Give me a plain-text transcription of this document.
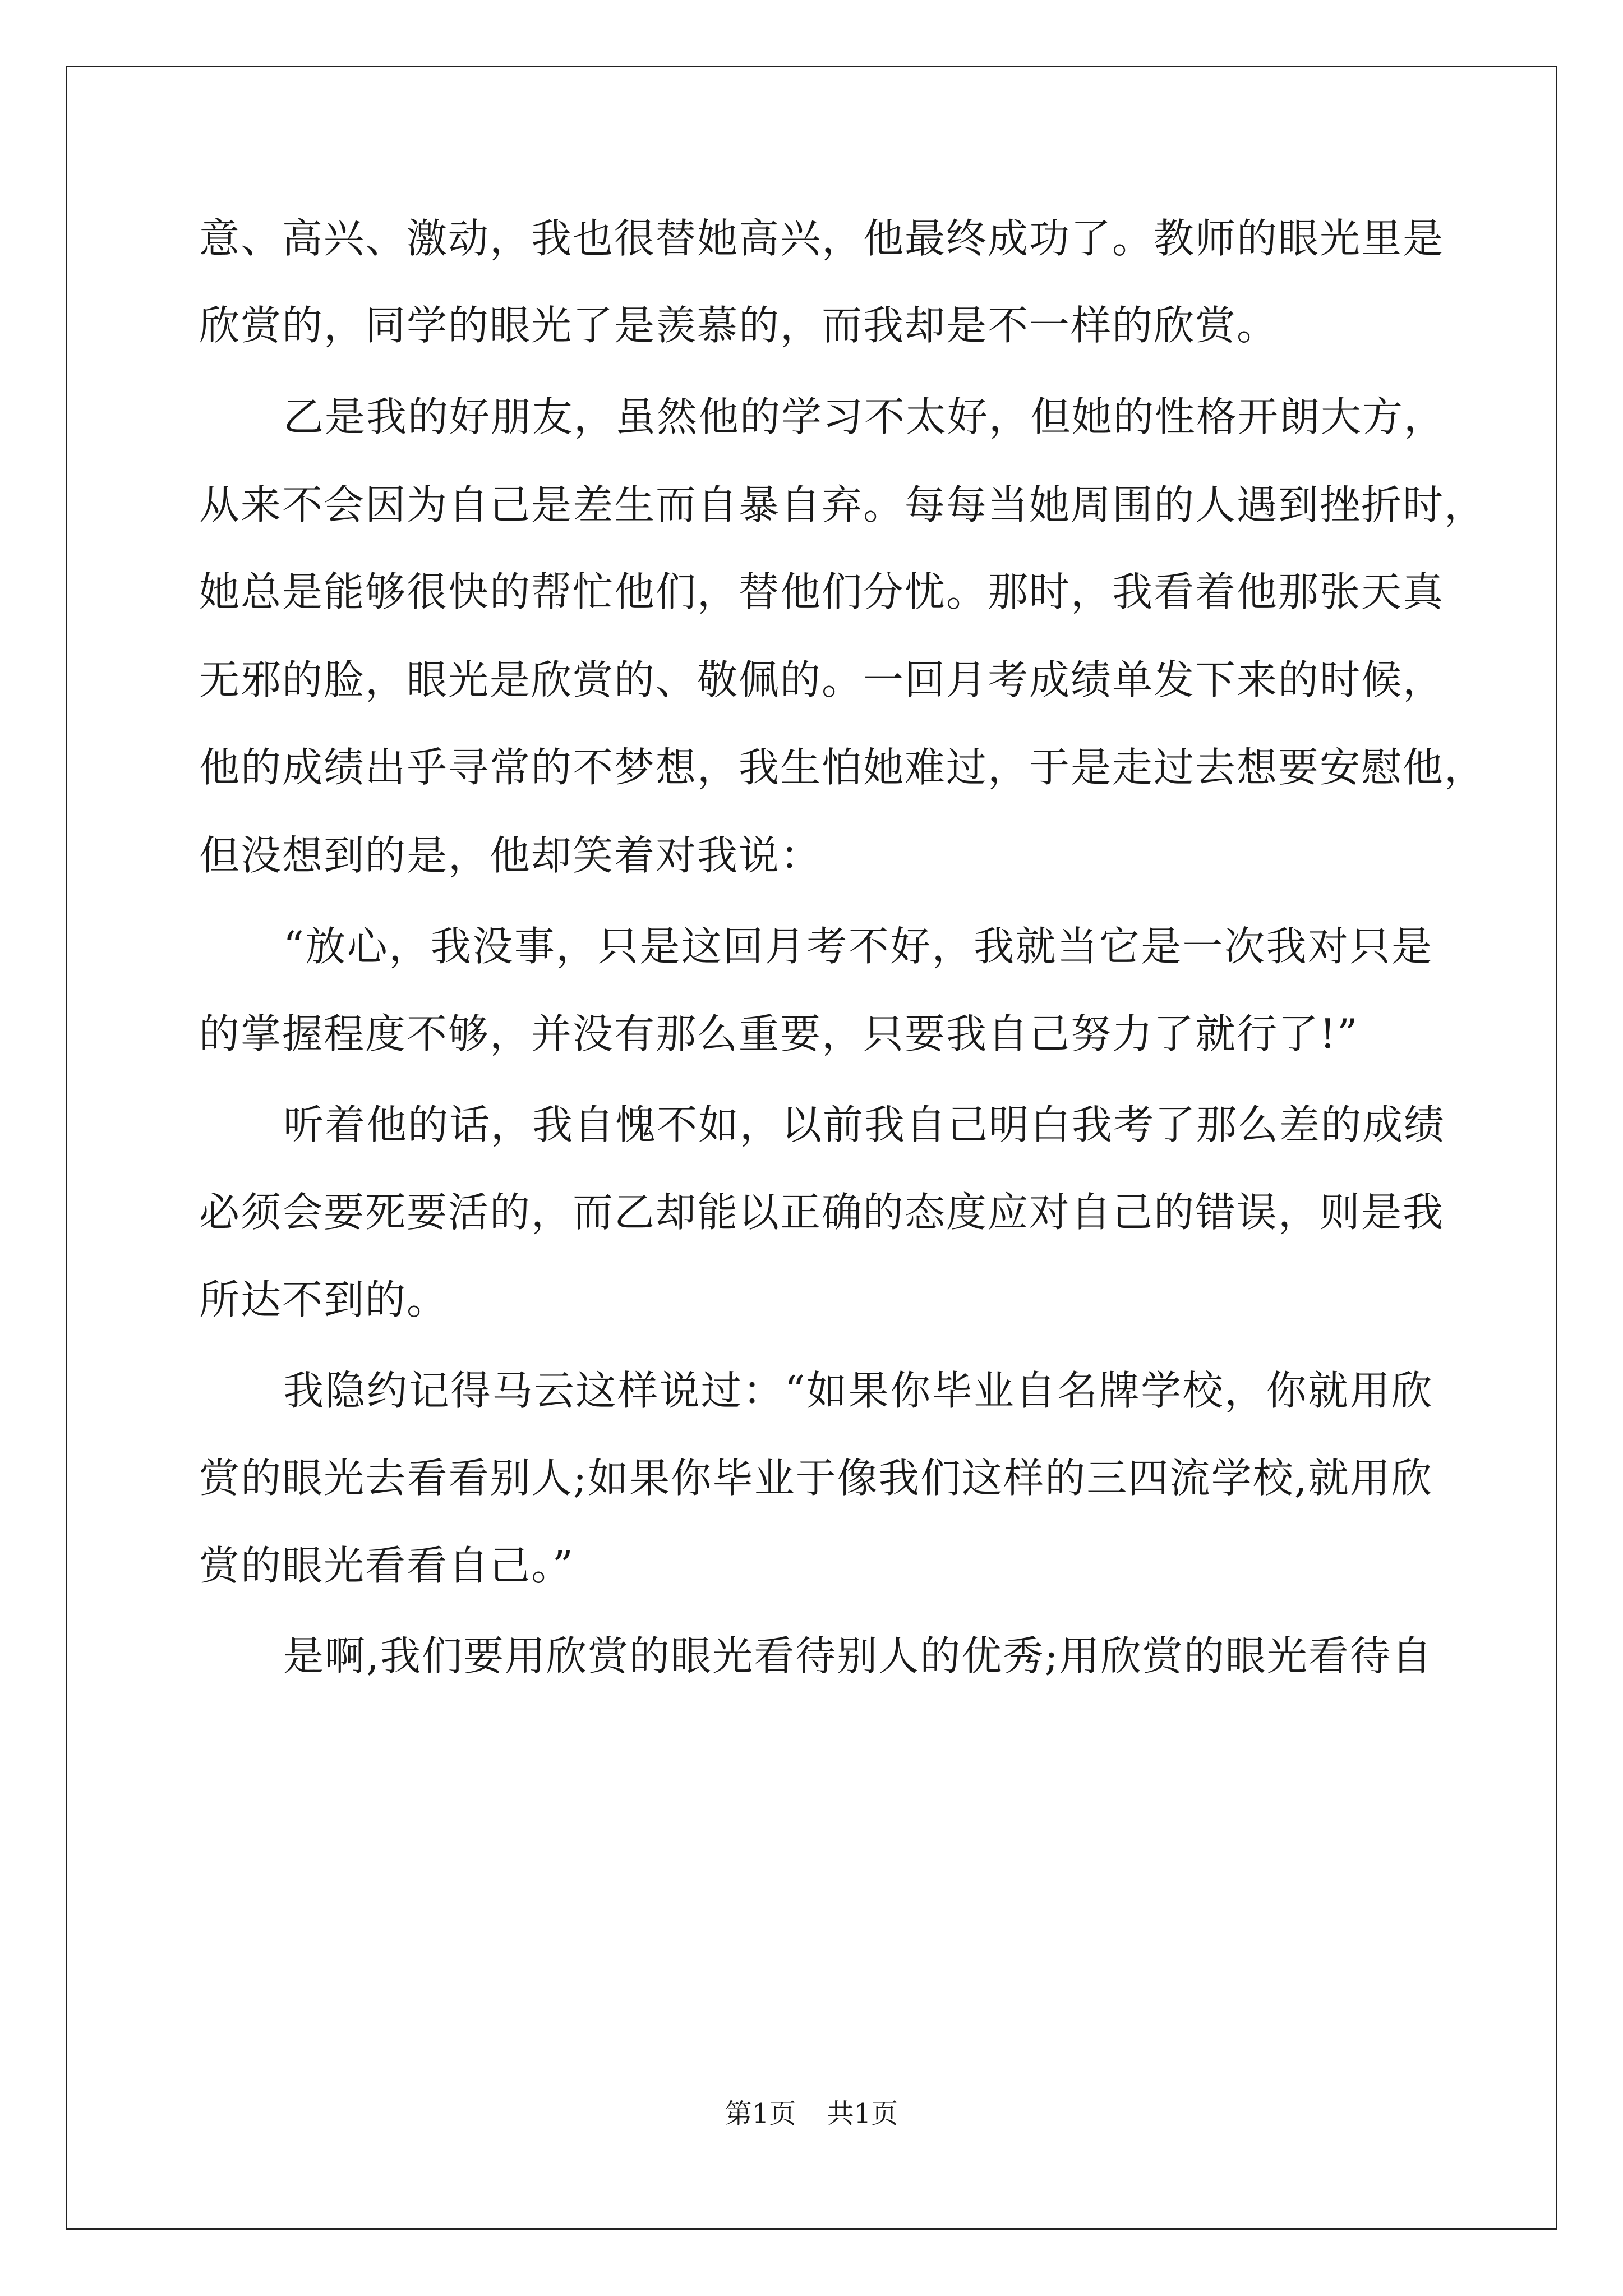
意、高兴、激动，我也很替她高兴，他最终成功了。教师的眼光里是
欣赏的，同学的眼光了是羡慕的，而我却是不一样的欣赏。
乙是我的好朋友，虽然他的学习不太好，但她的性格开朗大方，
从来不会因为自己是差生而自暴自弃。每每当她周围的人遇到挫折时，
她总是能够很快的帮忙他们，替他们分忧。那时，我看着他那张天真
无邪的脸，眼光是欣赏的、敬佩的。一回月考成绩单发下来的时候，
他的成绩出乎寻常的不梦想，我生怕她难过，于是走过去想要安慰他，
但没想到的是，他却笑着对我说：
“放心，我没事，只是这回月考不好，我就当它是一次我对只是
的掌握程度不够，并没有那么重要，只要我自己努力了就行了!”
听着他的话，我自愧不如，以前我自己明白我考了那么差的成绩
必须会要死要活的，而乙却能以正确的态度应对自己的错误，则是我
所达不到的。
我隐约记得马云这样说过：“如果你毕业自名牌学校，你就用欣
赏的眼光去看看别人;如果你毕业于像我们这样的三四流学校,就用欣
赏的眼光看看自己。”
是啊,我们要用欣赏的眼光看待别人的优秀;用欣赏的眼光看待自
第1页 共1页
